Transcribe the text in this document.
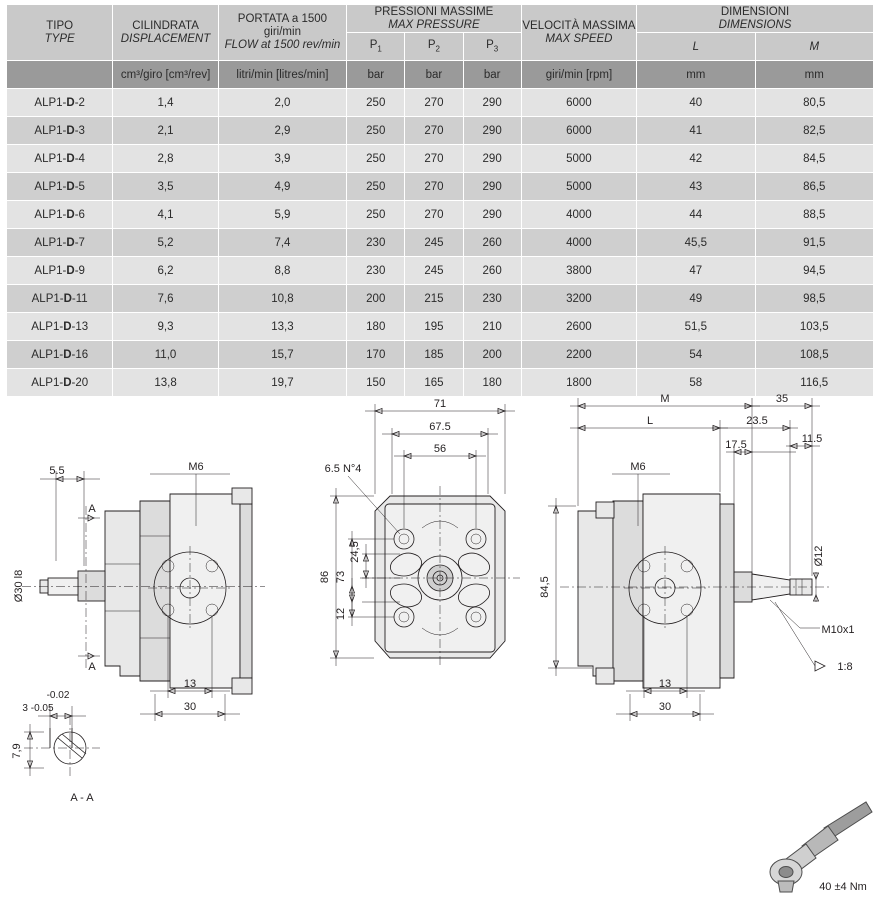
TIPO
TYPE

CILINDRATA
DISPLACEMENT

PORTATA a 1500 giri/min
FLOW at 1500 rev/min

PRESSIONI MASSIME
MAX PRESSURE	VELOCITÀ MASSIMA
MAX SPEED

DIMENSIONI
DIMENSIONS

			$P_1$	$P_2$	$P_3$		L	M
	cm³/giro [cm³/rev]	litri/min [litres/min]	bar	bar	bar	giri/min [rpm]	mm	mm
ALP1-D-2	1,4	2,0	250	270	290	6000	40	80,5
ALP1-D-3	2,1	2,9	250	270	290	6000	41	82,5
ALP1-D-4	2,8	3,9	250	270	290	5000	42	84,5
ALP1-D-5	3,5	4,9	250	270	290	5000	43	86,5
ALP1-D-6	4,1	5,9	250	270	290	4000	44	88,5
ALP1-D-7	5,2	7,4	230	245	260	4000	45,5	91,5
ALP1-D-9	6,2	8,8	230	245	260	3800	47	94,5
ALP1-D-11	7,6	10,8	200	215	230	3200	49	98,5
ALP1-D-13	9,3	13,3	180	195	210	2600	51,5	103,5
ALP1-D-16	11,0	15,7	170	185	200	2200	54	108,5
ALP1-D-20	13,8	19,7	150	165	180	1800	58	116,5
5.5	M6
A
A
Ø30 l8
13
30
-0.02
3 -0.05
7,9
A - A
71
67.5
56
6.5 N°4
86 73
24,5
12
M	35
L	23.5
11.5
17.5
M6
84,5
Ø12
M10x1
1:8
13
30
40 ±4 Nm
